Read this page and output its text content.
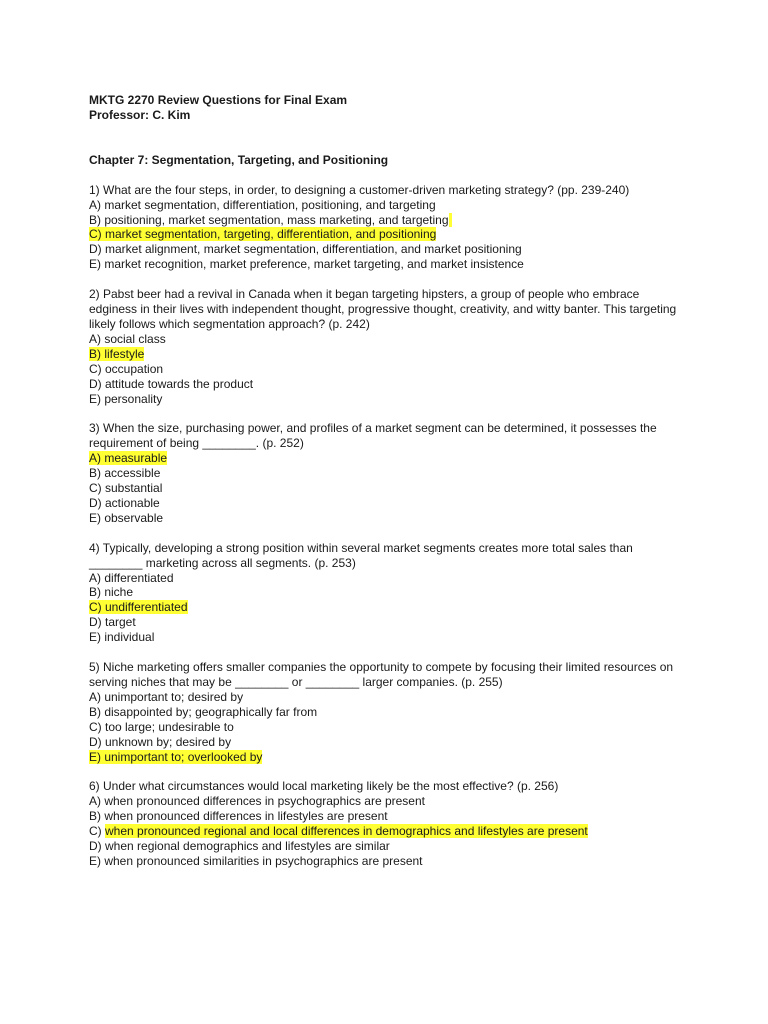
MKTG 2270 Review Questions for Final Exam
Professor: C. Kim
Chapter 7: Segmentation, Targeting, and Positioning
1) What are the four steps, in order, to designing a customer-driven marketing strategy? (pp. 239-240)
A) market segmentation, differentiation, positioning, and targeting
B) positioning, market segmentation, mass marketing, and targeting
C) market segmentation, targeting, differentiation, and positioning
D) market alignment, market segmentation, differentiation, and market positioning
E) market recognition, market preference, market targeting, and market insistence
2) Pabst beer had a revival in Canada when it began targeting hipsters, a group of people who embrace edginess in their lives with independent thought, progressive thought, creativity, and witty banter. This targeting likely follows which segmentation approach? (p. 242)
A) social class
B) lifestyle
C) occupation
D) attitude towards the product
E) personality
3) When the size, purchasing power, and profiles of a market segment can be determined, it possesses the requirement of being ________. (p. 252)
A) measurable
B) accessible
C) substantial
D) actionable
E) observable
4) Typically, developing a strong position within several market segments creates more total sales than ________ marketing across all segments. (p. 253)
A) differentiated
B) niche
C) undifferentiated
D) target
E) individual
5) Niche marketing offers smaller companies the opportunity to compete by focusing their limited resources on serving niches that may be ________ or ________ larger companies. (p. 255)
A) unimportant to; desired by
B) disappointed by; geographically far from
C) too large; undesirable to
D) unknown by; desired by
E) unimportant to; overlooked by
6) Under what circumstances would local marketing likely be the most effective? (p. 256)
A) when pronounced differences in psychographics are present
B) when pronounced differences in lifestyles are present
C) when pronounced regional and local differences in demographics and lifestyles are present
D) when regional demographics and lifestyles are similar
E) when pronounced similarities in psychographics are present
